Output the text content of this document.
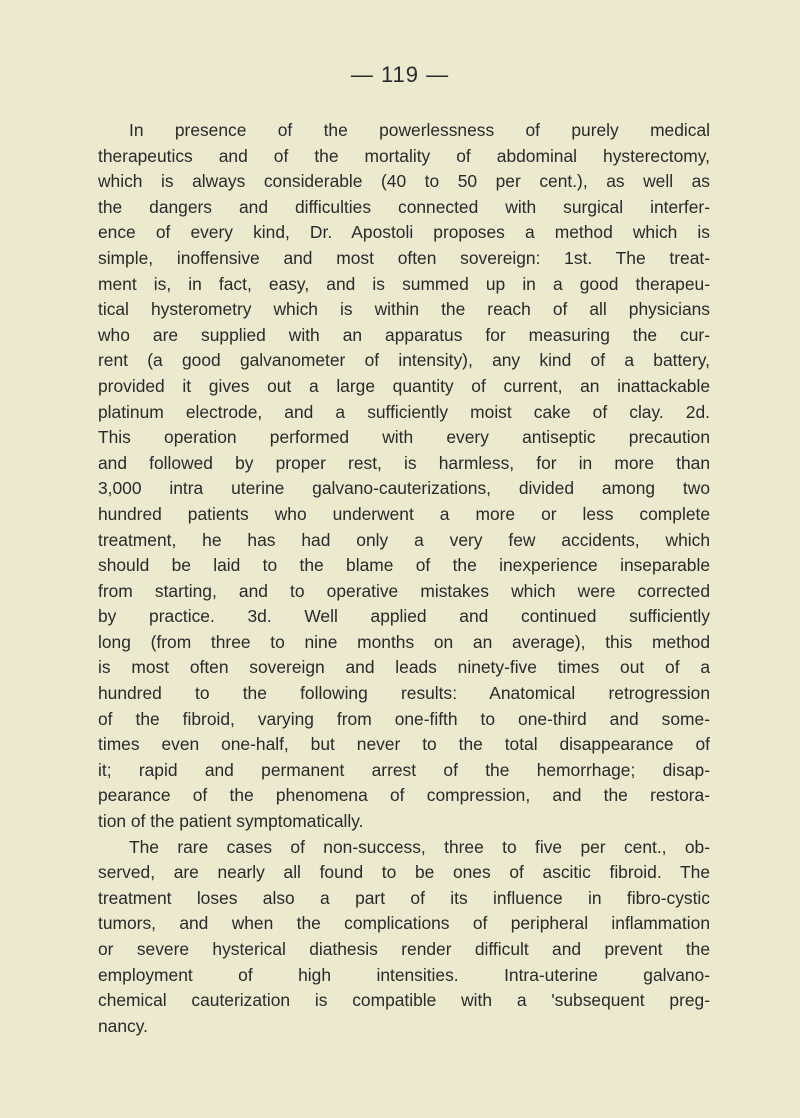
— 119 —
In presence of the powerlessness of purely medical
therapeutics and of the mortality of abdominal hysterectomy,
which is always considerable (40 to 50 per cent.), as well as
the dangers and difficulties connected with surgical interfer-
ence of every kind, Dr. Apostoli proposes a method which is
simple, inoffensive and most often sovereign: 1st. The treat-
ment is, in fact, easy, and is summed up in a good therapeu-
tical hysterometry which is within the reach of all physicians
who are supplied with an apparatus for measuring the cur-
rent (a good galvanometer of intensity), any kind of a battery,
provided it gives out a large quantity of current, an inattackable
platinum electrode, and a sufficiently moist cake of clay. 2d.
This operation performed with every antiseptic precaution
and followed by proper rest, is harmless, for in more than
3,000 intra uterine galvano-cauterizations, divided among two
hundred patients who underwent a more or less complete
treatment, he has had only a very few accidents, which
should be laid to the blame of the inexperience inseparable
from starting, and to operative mistakes which were corrected
by practice. 3d. Well applied and continued sufficiently
long (from three to nine months on an average), this method
is most often sovereign and leads ninety-five times out of a
hundred to the following results: Anatomical retrogression
of the fibroid, varying from one-fifth to one-third and some-
times even one-half, but never to the total disappearance of
it; rapid and permanent arrest of the hemorrhage; disap-
pearance of the phenomena of compression, and the restora-
tion of the patient symptomatically.
The rare cases of non-success, three to five per cent., ob-
served, are nearly all found to be ones of ascitic fibroid. The
treatment loses also a part of its influence in fibro-cystic
tumors, and when the complications of peripheral inflammation
or severe hysterical diathesis render difficult and prevent the
employment of high intensities. Intra-uterine galvano-
chemical cauterization is compatible with a 'subsequent preg-
nancy.
